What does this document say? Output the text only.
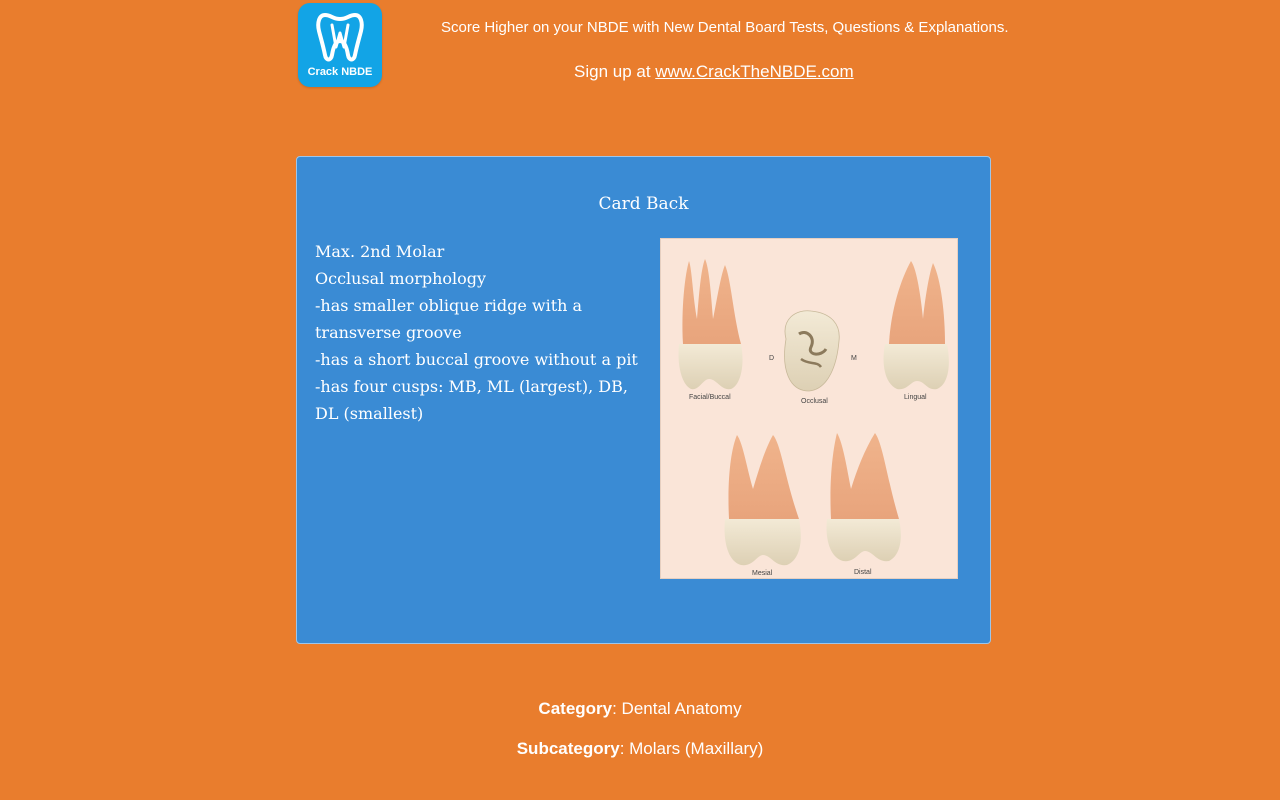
Crack NBDE
Score Higher on your NBDE with New Dental Board Tests, Questions & Explanations.
Sign up at www.CrackTheNBDE.com
Card Back
Max. 2nd Molar
Occlusal morphology
-has smaller oblique ridge with a transverse groove
-has a short buccal groove without a pit
-has four cusps: MB, ML (largest), DB, DL (smallest)
Facial/Buccal
D	M
Occlusal
Lingual
Mesial	Distal
Category: Dental Anatomy
Subcategory: Molars (Maxillary)
